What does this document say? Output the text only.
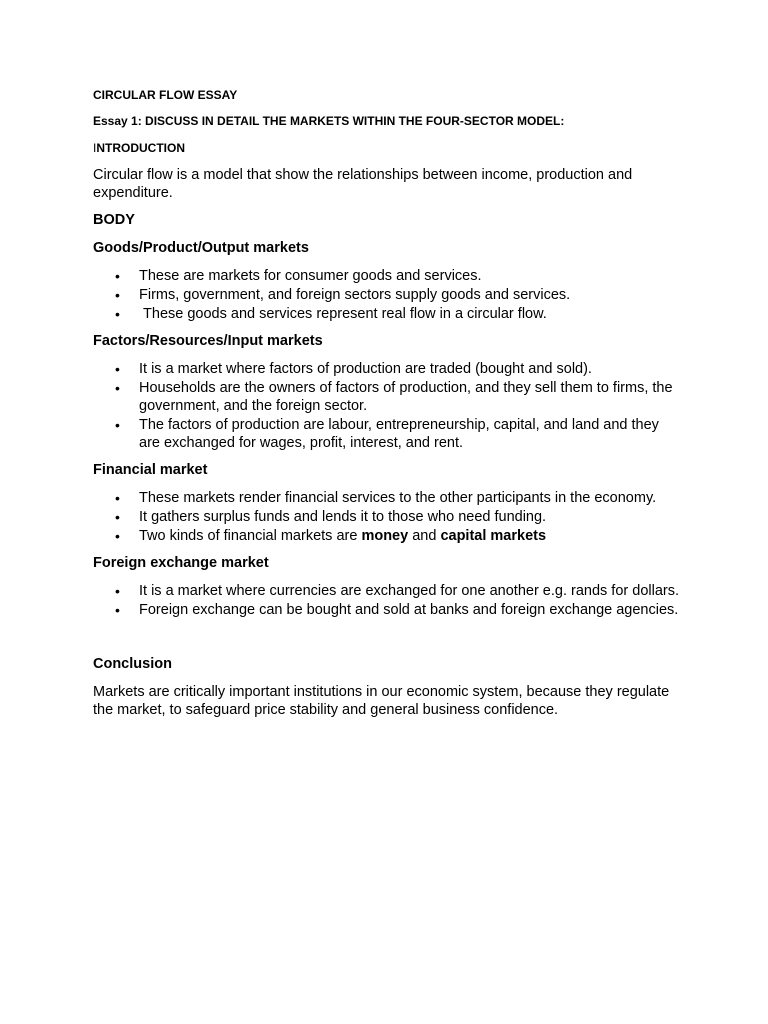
CIRCULAR FLOW ESSAY
Essay 1: DISCUSS IN DETAIL THE MARKETS WITHIN THE FOUR-SECTOR MODEL:
INTRODUCTION

Circular flow is a model that show the relationships between income, production and expenditure.

BODY
Goods/Product/Output markets
• These are markets for consumer goods and services.
• Firms, government, and foreign sectors supply goods and services.
• These goods and services represent real flow in a circular flow.
Factors/Resources/Input markets
• It is a market where factors of production are traded (bought and sold).
• Households are the owners of factors of production, and they sell them to firms, the government, and the foreign sector.
• The factors of production are labour, entrepreneurship, capital, and land and they are exchanged for wages, profit, interest, and rent.
Financial market
• These markets render financial services to the other participants in the economy.
• It gathers surplus funds and lends it to those who need funding.
• Two kinds of financial markets are money and capital markets
Foreign exchange market
• It is a market where currencies are exchanged for one another e.g. rands for dollars.
• Foreign exchange can be bought and sold at banks and foreign exchange agencies.
Conclusion

Markets are critically important institutions in our economic system, because they regulate the market, to safeguard price stability and general business confidence.
